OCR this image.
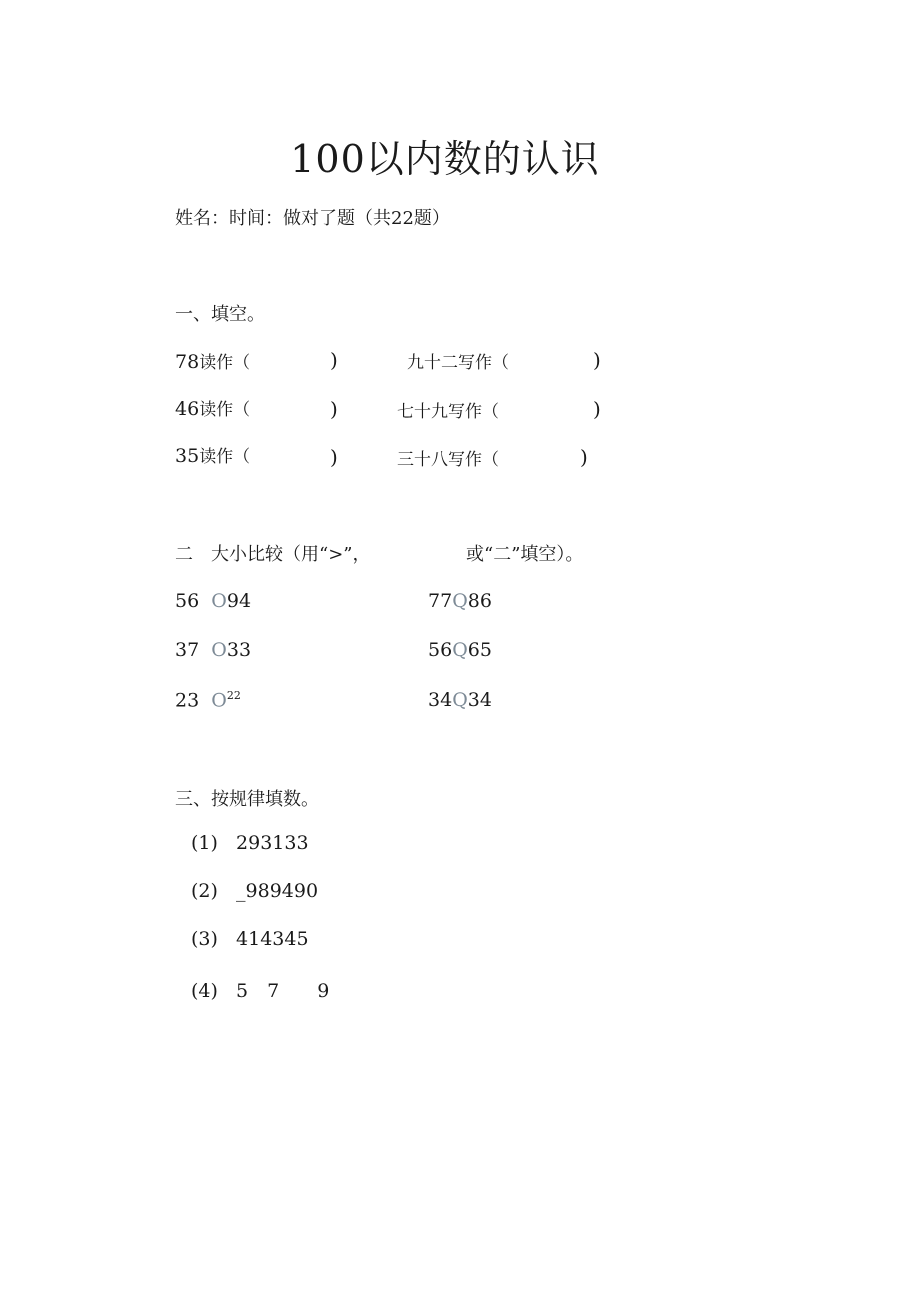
100以内数的认识
姓名：时间：做对了题（共22题）
一、填空。
78读作（	)	九十二写作（	)
46读作（	)	七十九写作（	)
35读作（	)	三十八写作（	)
二　大小比较（用“>”，	或“二”填空）。
56 O94	77Q86
37 O33	56Q65
23 $O^{22}$	34Q34
三、按规律填数。
(1) 293133
(2) _989490
(3) 414345
(4) 5　7　　9
